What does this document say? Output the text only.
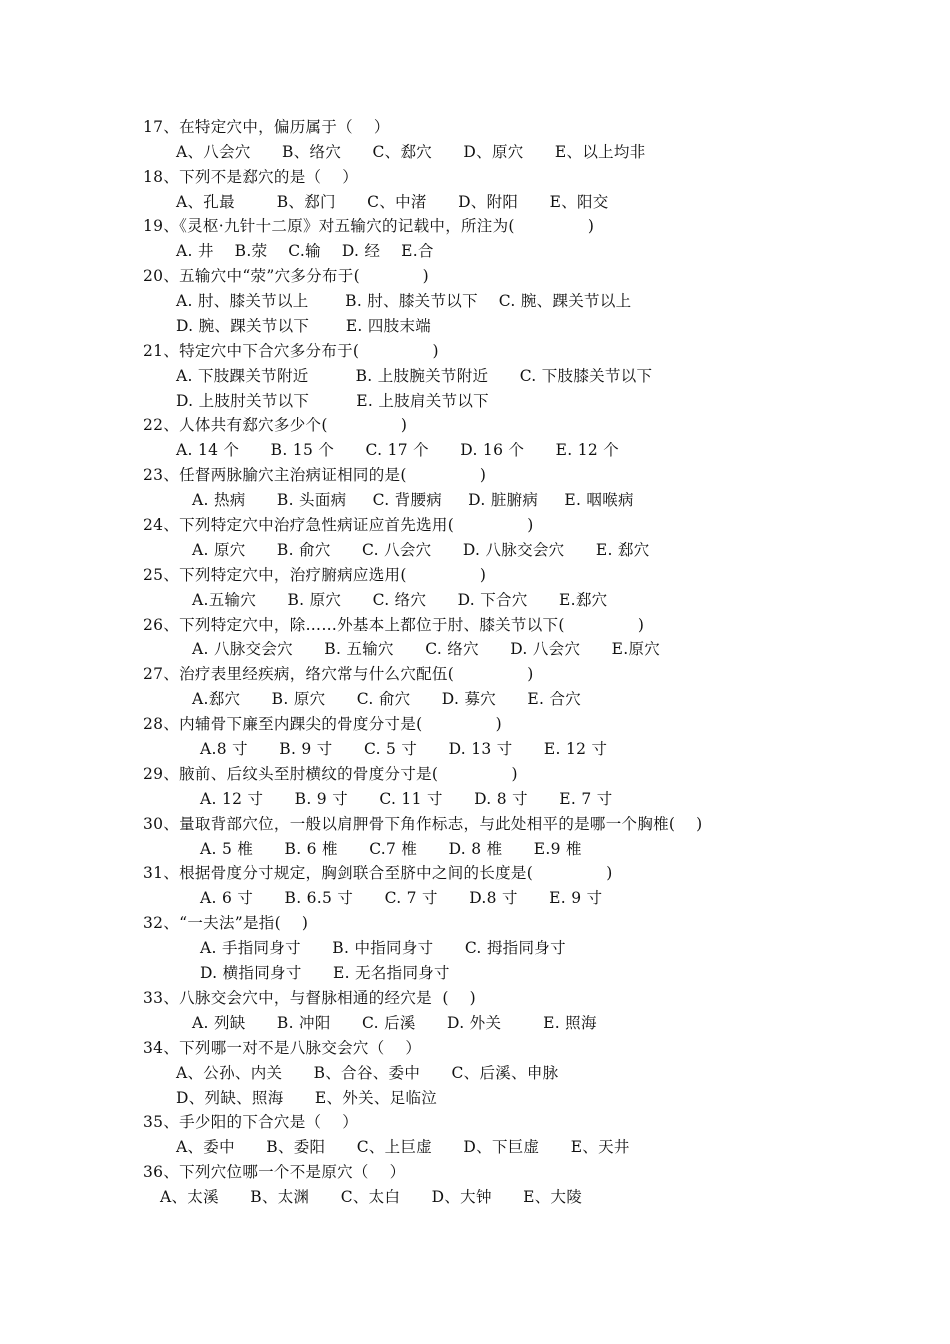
17、在特定穴中，偏历属于（    ）
A、八会穴      B、络穴      C、郄穴      D、原穴      E、以上均非
18、下列不是郄穴的是（    ）
A、孔最        B、郄门      C、中渚      D、附阳      E、阳交
19、《灵枢·九针十二原》对五输穴的记载中，所注为(              )
A. 井    B.荥    C.输    D. 经    E.合
20、五输穴中“荥”穴多分布于(            )
A. 肘、膝关节以上       B. 肘、膝关节以下    C. 腕、踝关节以上
D. 腕、踝关节以下       E. 四肢末端
21、特定穴中下合穴多分布于(              )
A. 下肢踝关节附近         B. 上肢腕关节附近      C. 下肢膝关节以下
D. 上肢肘关节以下         E. 上肢肩关节以下
22、人体共有郄穴多少个(              )
A. 14 个      B. 15 个      C. 17 个      D. 16 个      E. 12 个
23、任督两脉腧穴主治病证相同的是(              )
A. 热病      B. 头面病     C. 背腰病     D. 脏腑病     E. 咽喉病
24、下列特定穴中治疗急性病证应首先选用(              )
A. 原穴      B. 俞穴      C. 八会穴      D. 八脉交会穴      E. 郄穴
25、下列特定穴中，治疗腑病应选用(              )
A.五输穴      B. 原穴      C. 络穴      D. 下合穴      E.郄穴
26、下列特定穴中，除……外基本上都位于肘、膝关节以下(              )
A. 八脉交会穴      B. 五输穴      C. 络穴      D. 八会穴      E.原穴
27、治疗表里经疾病，络穴常与什么穴配伍(              )
A.郄穴      B. 原穴      C. 俞穴      D. 募穴      E. 合穴
28、内辅骨下廉至内踝尖的骨度分寸是(              )
A.8 寸      B. 9 寸      C. 5 寸      D. 13 寸      E. 12 寸
29、腋前、后纹头至肘横纹的骨度分寸是(              )
A. 12 寸      B. 9 寸      C. 11 寸      D. 8 寸      E. 7 寸
30、量取背部穴位，一般以肩胛骨下角作标志，与此处相平的是哪一个胸椎(    )
A. 5 椎      B. 6 椎      C.7 椎      D. 8 椎      E.9 椎
31、根据骨度分寸规定，胸剑联合至脐中之间的长度是(              )
A. 6 寸      B. 6.5 寸      C. 7 寸      D.8 寸      E. 9 寸
32、“一夫法”是指(    )
A. 手指同身寸      B. 中指同身寸      C. 拇指同身寸
D. 横指同身寸      E. 无名指同身寸
33、八脉交会穴中，与督脉相通的经穴是  (    )
A. 列缺      B. 冲阳      C. 后溪      D. 外关        E. 照海
34、下列哪一对不是八脉交会穴（    ）
A、公孙、内关      B、合谷、委中      C、后溪、申脉
D、列缺、照海      E、外关、足临泣
35、手少阳的下合穴是（    ）
A、委中      B、委阳      C、上巨虚      D、下巨虚      E、天井
36、下列穴位哪一个不是原穴（    ）
A、太溪      B、太渊      C、太白      D、大钟      E、大陵
